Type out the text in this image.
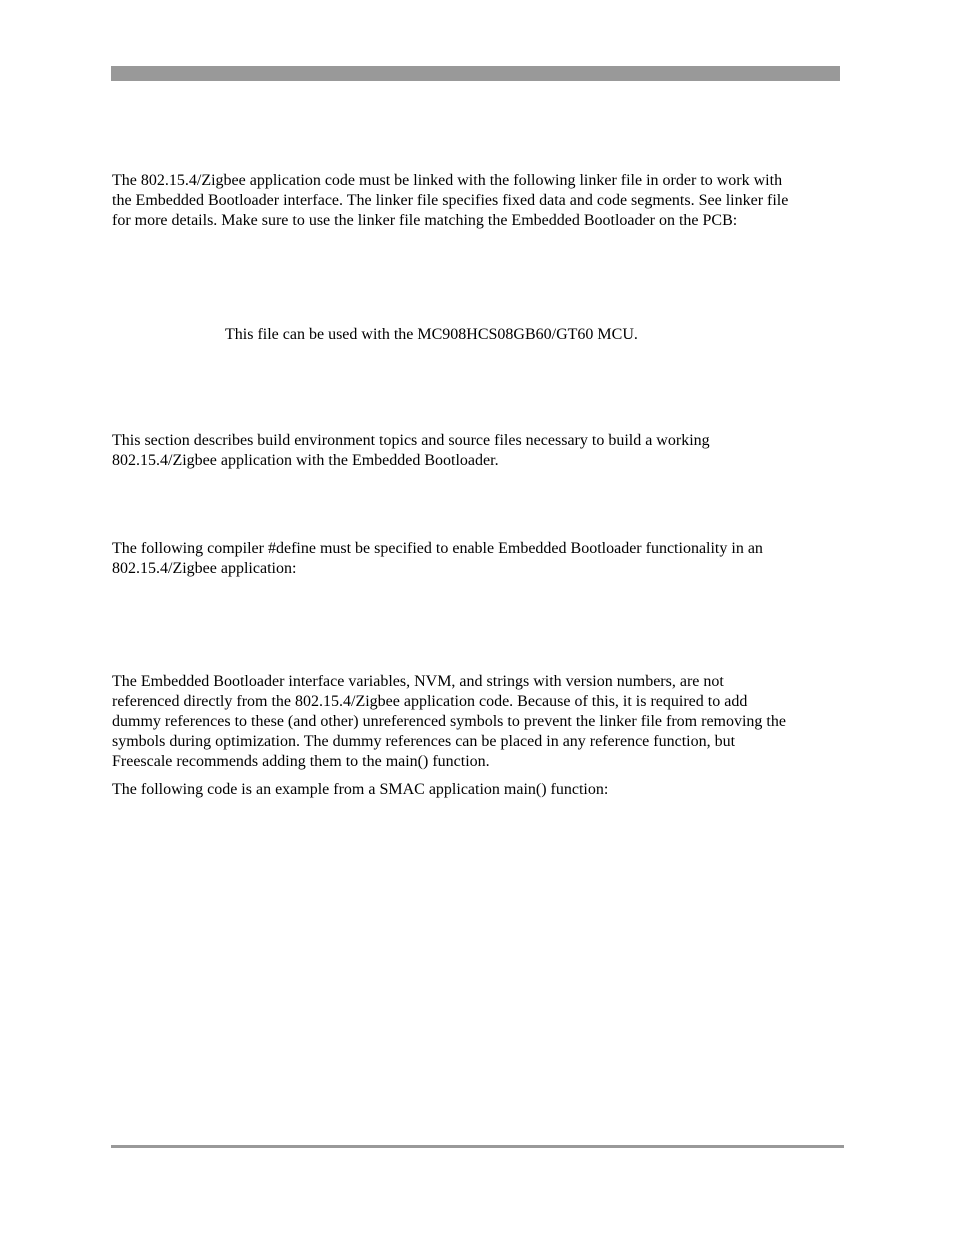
The 802.15.4/Zigbee application code must be linked with the following linker file in order to work with
the Embedded Bootloader interface. The linker file specifies fixed data and code segments. See linker file
for more details. Make sure to use the linker file matching the Embedded Bootloader on the PCB:

This file can be used with the MC908HCS08GB60/GT60 MCU.

This section describes build environment topics and source files necessary to build a working
802.15.4/Zigbee application with the Embedded Bootloader.

The following compiler #define must be specified to enable Embedded Bootloader functionality in an
802.15.4/Zigbee application:

The Embedded Bootloader interface variables, NVM, and strings with version numbers, are not
referenced directly from the 802.15.4/Zigbee application code. Because of this, it is required to add
dummy references to these (and other) unreferenced symbols to prevent the linker file from removing the
symbols during optimization. The dummy references can be placed in any reference function, but
Freescale recommends adding them to the main() function.

The following code is an example from a SMAC application main() function:
